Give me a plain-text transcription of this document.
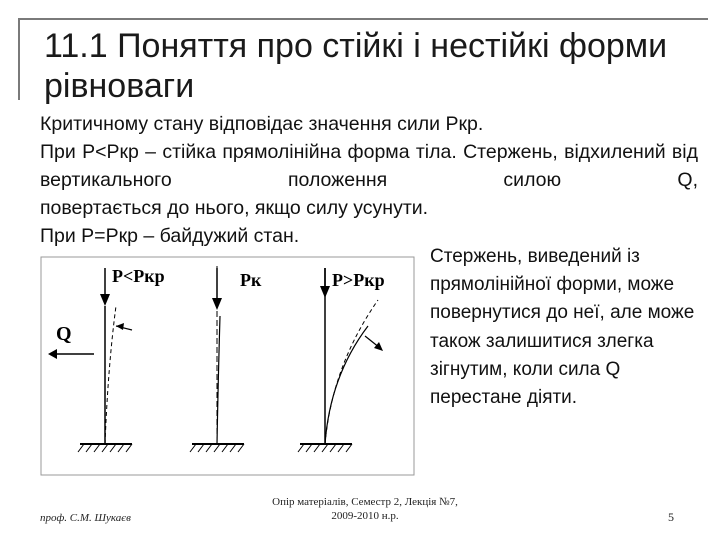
11.1 Поняття про стійкі і нестійкі форми рівноваги

Критичному стану відповідає значення сили Ркр.

При Р<Ркр – стійка прямолінійна форма тіла. Стержень, відхилений від вертикального положення силою Q,

повертається до нього, якщо силу усунути.

При Р=Ркр – байдужий стан.

Стержень, виведений із прямолінійної форми, може повернутися до неї, але може також залишитися злегка зігнутим, коли сила Q перестане діяти.

P<Pкр	Pк	P>Pкр
Q
проф. С.М. Шукаєв
Опір матеріалів, Семестр 2, Лекція №7,
2009-2010 н.р.	5
